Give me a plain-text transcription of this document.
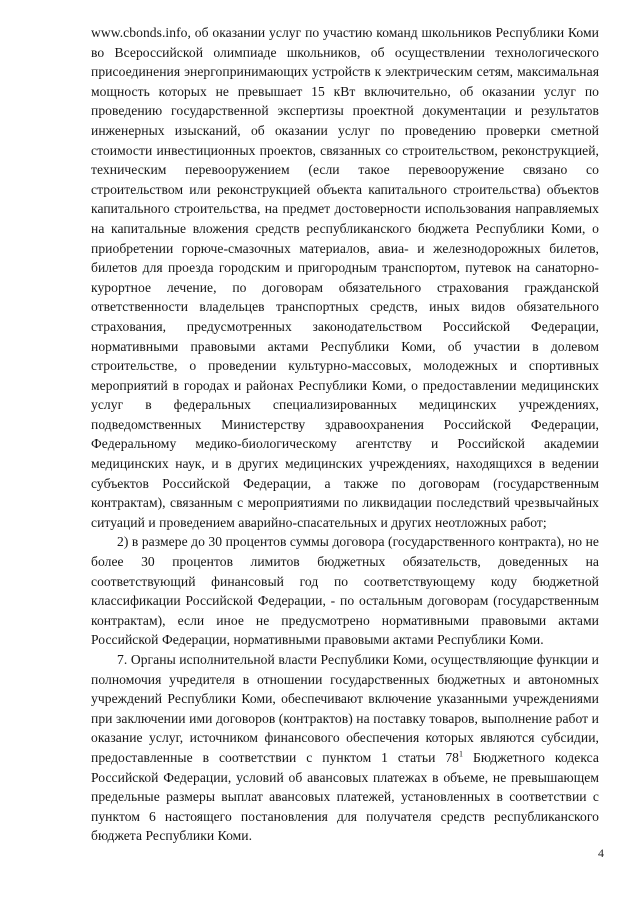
www.cbonds.info, об оказании услуг по участию команд школьников Республики Коми во Всероссийской олимпиаде школьников, об осуществлении технологического присоединения энергопринимающих устройств к электрическим сетям, максимальная мощность которых не превышает 15 кВт включительно, об оказании услуг по проведению государственной экспертизы проектной документации и результатов инженерных изысканий, об оказании услуг по проведению проверки сметной стоимости инвестиционных проектов, связанных со строительством, реконструкцией, техническим перевооружением (если такое перевооружение связано со строительством или реконструкцией объекта капитального строительства) объектов капитального строительства, на предмет достоверности использования направляемых на капитальные вложения средств республиканского бюджета Республики Коми, о приобретении горюче-смазочных материалов, авиа- и железнодорожных билетов, билетов для проезда городским и пригородным транспортом, путевок на санаторно-курортное лечение, по договорам обязательного страхования гражданской ответственности владельцев транспортных средств, иных видов обязательного страхования, предусмотренных законодательством Российской Федерации, нормативными правовыми актами Республики Коми, об участии в долевом строительстве, о проведении культурно-массовых, молодежных и спортивных мероприятий в городах и районах Республики Коми, о предоставлении медицинских услуг в федеральных специализированных медицинских учреждениях, подведомственных Министерству здравоохранения Российской Федерации, Федеральному медико-биологическому агентству и Российской академии медицинских наук, и в других медицинских учреждениях, находящихся в ведении субъектов Российской Федерации, а также по договорам (государственным контрактам), связанным с мероприятиями по ликвидации последствий чрезвычайных ситуаций и проведением аварийно-спасательных и других неотложных работ;

2) в размере до 30 процентов суммы договора (государственного контракта), но не более 30 процентов лимитов бюджетных обязательств, доведенных на соответствующий финансовый год по соответствующему коду бюджетной классификации Российской Федерации, - по остальным договорам (государственным контрактам), если иное не предусмотрено нормативными правовыми актами Российской Федерации, нормативными правовыми актами Республики Коми.

7. Органы исполнительной власти Республики Коми, осуществляющие функции и полномочия учредителя в отношении государственных бюджетных и автономных учреждений Республики Коми, обеспечивают включение указанными учреждениями при заключении ими договоров (контрактов) на поставку товаров, выполнение работ и оказание услуг, источником финансового обеспечения которых являются субсидии, предоставленные в соответствии с пунктом 1 статьи $78^1$ Бюджетного кодекса Российской Федерации, условий об авансовых платежах в объеме, не превышающем предельные размеры выплат авансовых платежей, установленных в соответствии с пунктом 6 настоящего постановления для получателя средств республиканского бюджета Республики Коми.

4
